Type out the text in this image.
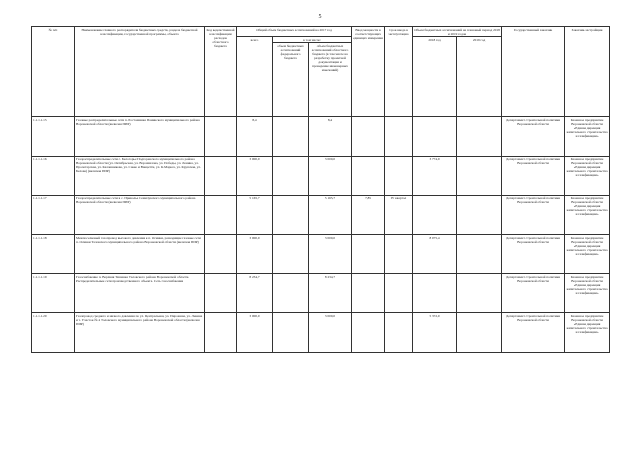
5
№ п/п	Наименование главного распорядителя бюджетных средств, раздела бюджетной классификации, государственной программы, объекта	Код ведомственной классификации расходов областного бюджета	Общий объем бюджетных ассигнований на 2017 год			Ввод мощности в соответствующих единицах измерения	Срок ввода в эксплуатацию	Объем бюджетных ассигнований на плановый период 2018 и 2019 годов		Государственный заказчик	Заказчик-застройщик
			всего	в том числе:				2018 год	2019 год		
				объем бюджетных ассигнований федерального бюджета	объем бюджетных ассигнований областного бюджета (в том числе на разработку проектной документации и проведение инженерных изысканий)						
1.1.1.1.15	Газовые распределительные сети п. Ростошинка Панинского муниципального района Воронежской области (включая ПИР)		8,4		8,4					Департамент строительной политики Воронежской области	Казенное предприятие Воронежской области «Единая дирекция капитального строительства и газификации»
1.1.1.1.16	Газораспределительные сети с. Белогорье Подгоренского муниципального района Воронежской области (ул. Октябрьская, ул. Ворошилова, ул. Победы, ул. Ленина, ул. Пролетарская, ул. Калашникова, ул. Сакко и Ванцетти, ул. К.Маркса, ул. Крупская, ул. Белова) (включая ПИР)		3 000,0		3 000,0			3 774,9		Департамент строительной политики Воронежской области	Казенное предприятие Воронежской области «Единая дирекция капитального строительства и газификации»
1.1.1.1.17	Газораспределительные сети в с. Приволье Семилукского муниципального района Воронежской области (включая ПИР)		5 165,7		5 165,7	7,85	IV квартал			Департамент строительной политики Воронежской области	Казенное предприятие Воронежской области «Единая дирекция капитального строительства и газификации»
1.1.1.1.18	Межпоселковый газопровод высокого давления к п. Осинки, разводящие газовые сети п. Осинки Таловского муниципального района Воронежской области (включая ПИР)		3 000,0		3 000,0			8 075,4		Департамент строительной политики Воронежской области	Казенное предприятие Воронежской области «Единая дирекция капитального строительства и газификации»
1.1.1.1.19	Газоснабжение п. Верхняя Тишанка Таловского района Воронежской области. Распределительные сети производственного объекта. Сеть газоснабжения		8 234,7		8 234,7					Департамент строительной политики Воронежской области	Казенное предприятие Воронежской области «Единая дирекция капитального строительства и газификации»
1.1.1.1.20	Газопровод среднего и низкого давления по ул. Центральная, ул. Пирожная, ул. Ленина и т. Участок № 4 Таловского муниципального района Воронежской области (включая ПИР)		3 000,0		3 000,0			5 372,0		Департамент строительной политики Воронежской области	Казенное предприятие Воронежской области «Единая дирекция капитального строительства и газификации»
